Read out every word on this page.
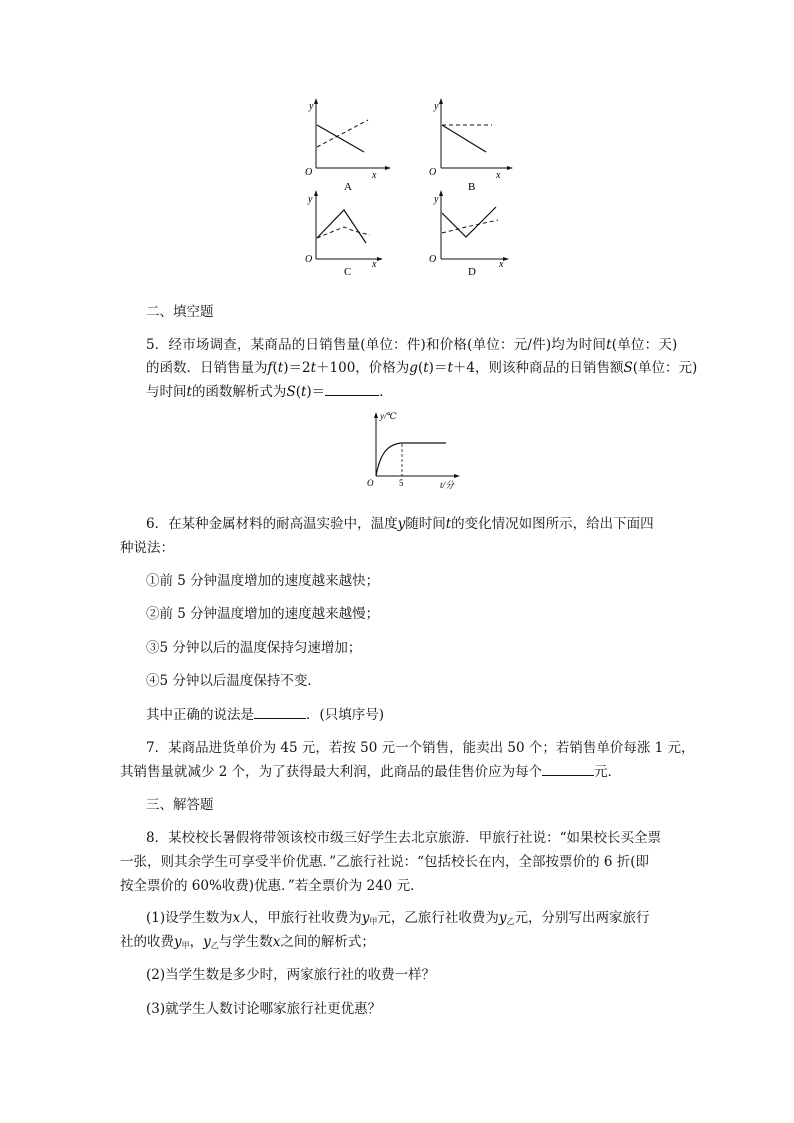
y
x
O
A
y
x
O
B
y
x
O
C
y
x
O
D
二、填空题
5．经市场调查，某商品的日销售量(单位：件)和价格(单位：元/件)均为时间t(单位：天)
的函数．日销售量为f(t)＝2t＋100，价格为g(t)＝t＋4，则该种商品的日销售额S(单位：元)
与时间t的函数解析式为S(t)＝	．
y/℃
t/分
O	5
6．在某种金属材料的耐高温实验中，温度y随时间t的变化情况如图所示，给出下面四
种说法：
①前 5 分钟温度增加的速度越来越快；
②前 5 分钟温度增加的速度越来越慢；
③5 分钟以后的温度保持匀速增加；
④5 分钟以后温度保持不变．
其中正确的说法是	．(只填序号)
7．某商品进货单价为 45 元，若按 50 元一个销售，能卖出 50 个；若销售单价每涨 1 元，
其销售量就减少 2 个，为了获得最大利润，此商品的最佳售价应为每个	元．
三、解答题
8．某校校长暑假将带领该校市级三好学生去北京旅游．甲旅行社说：“如果校长买全票
一张，则其余学生可享受半价优惠．”乙旅行社说：“包括校长在内，全部按票价的 6 折(即
按全票价的 60%收费)优惠．”若全票价为 240 元．
(1)设学生数为x人，甲旅行社收费为$y_甲$元，乙旅行社收费为$y_乙$元，分别写出两家旅行
社的收费$y_甲$，$y_乙$与学生数x之间的解析式；
(2)当学生数是多少时，两家旅行社的收费一样？
(3)就学生人数讨论哪家旅行社更优惠？
